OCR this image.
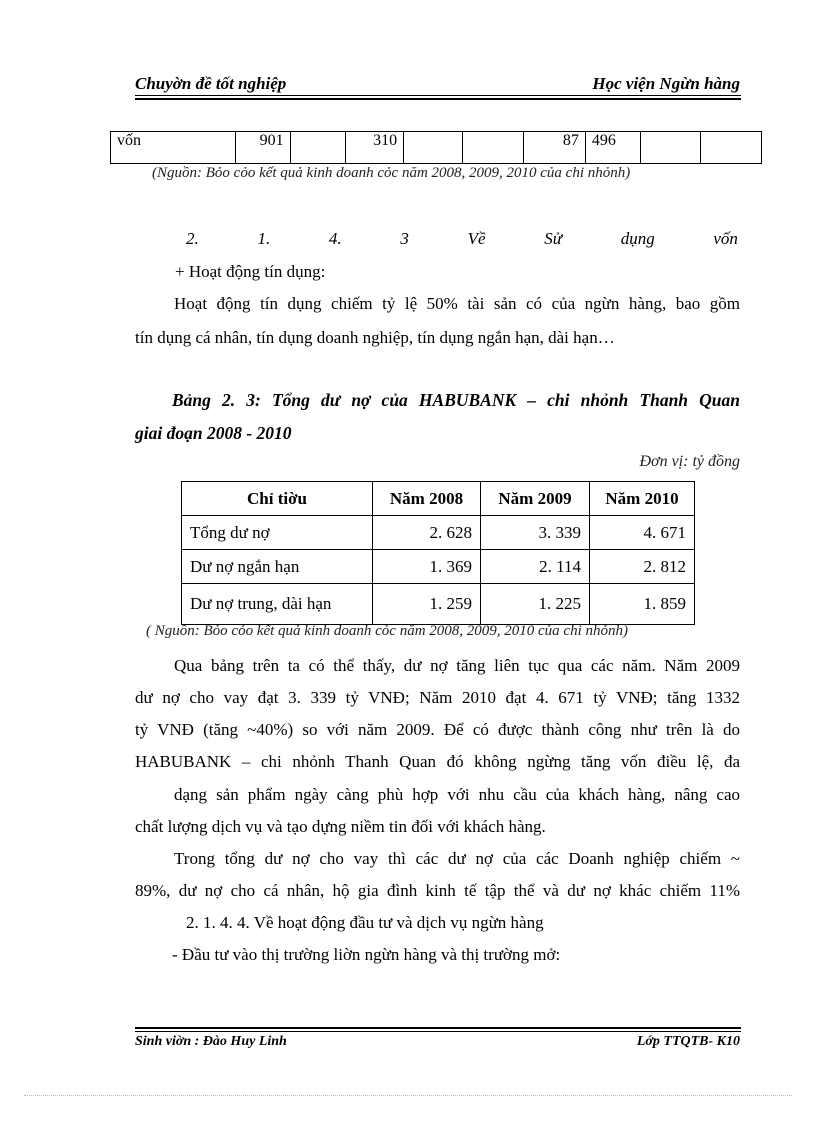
Chuyờn đề tốt nghiệp	Học viện Ngừn hàng
vốn	901		310			87	496		
(Nguồn: Bỏo cỏo kết quả kinh doanh cỏc năm 2008, 2009, 2010 của chi nhỏnh)
2.	1.	4.	3	Về	Sử	dụng	vốn
+ Hoạt động tín dụng:
Hoạt động tín dụng chiếm tỷ lệ 50% tài sản có của ngừn hàng, bao gồm
tín dụng cá nhân, tín dụng doanh nghiệp, tín dụng ngắn hạn, dài hạn…
Bảng 2. 3: Tổng dư nợ của HABUBANK – chi nhỏnh Thanh Quan
giai đoạn 2008 - 2010
Đơn vị: tỷ đồng
Chỉ tiờu	Năm 2008	Năm 2009	Năm 2010
Tổng dư nợ	2. 628	3. 339	4. 671
Dư nợ ngắn hạn	1. 369	2. 114	2. 812
Dư nợ trung, dài hạn	1. 259	1. 225	1. 859
( Nguồn: Bỏo cỏo kết quả kinh doanh cỏc năm 2008, 2009, 2010 của chi nhỏnh)
Qua bảng trên ta có thể thấy, dư nợ tăng liên tục qua các năm. Năm 2009
dư nợ cho vay đạt 3. 339 tỷ VNĐ; Năm 2010 đạt 4. 671 tỷ VNĐ; tăng 1332
tỷ VNĐ (tăng ~40%) so với năm 2009. Để có được thành công như trên là do
HABUBANK – chi nhỏnh Thanh Quan đó không ngừng tăng vốn điều lệ, đa
dạng sản phẩm ngày càng phù hợp với nhu cầu của khách hàng, nâng cao
chất lượng dịch vụ và tạo dựng niềm tin đối với khách hàng.
Trong tổng dư nợ cho vay thì các dư nợ của các Doanh nghiệp chiếm ~
89%, dư nợ cho cá nhân, hộ gia đình kinh tế tập thể và dư nợ khác chiếm 11%
2. 1. 4. 4. Về hoạt động đầu tư và dịch vụ ngừn hàng
- Đầu tư vào thị trường liờn ngừn hàng và thị trường mở:
Sinh viờn : Đào Huy Linh	Lớp TTQTB- K10
